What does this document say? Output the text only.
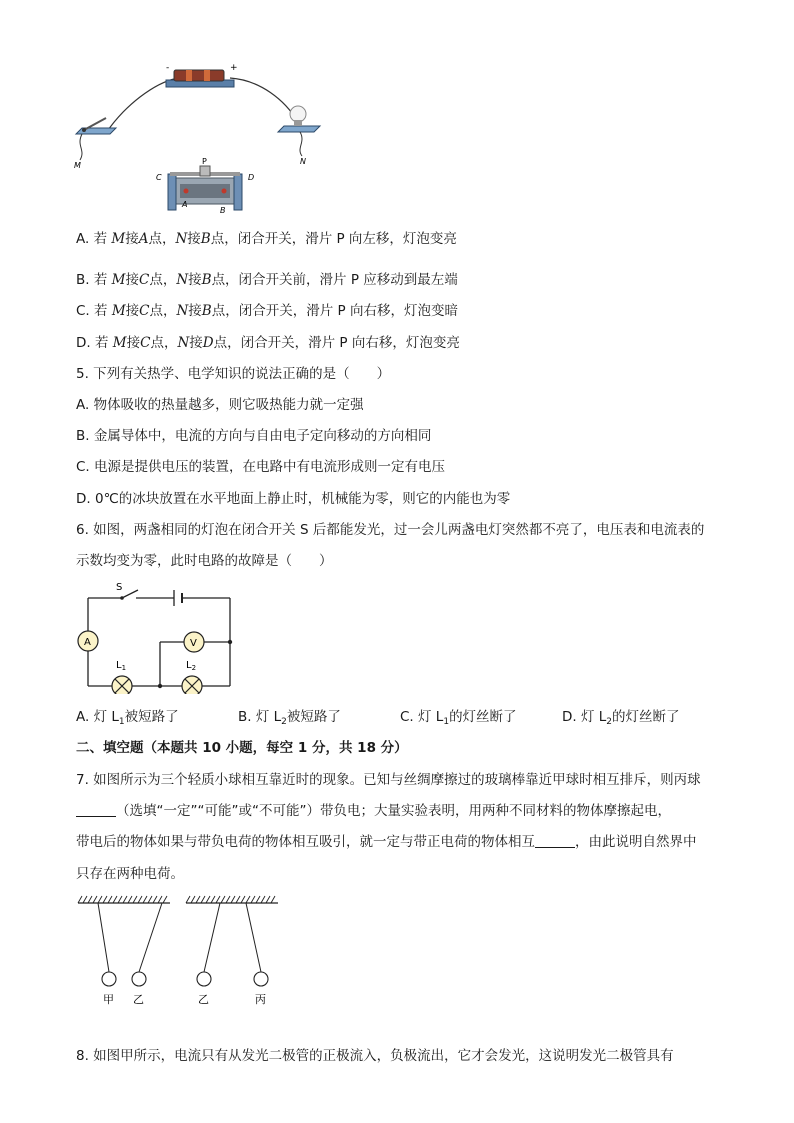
-	+
M	N
P
C	D
A
B
A. 若 M接A点，N接B点，闭合开关，滑片 P 向左移，灯泡变亮
B. 若 M接C点，N接B点，闭合开关前，滑片 P 应移动到最左端
C. 若 M接C点，N接B点，闭合开关，滑片 P 向右移，灯泡变暗
D. 若 M接C点，N接D点，闭合开关，滑片 P 向右移，灯泡变亮
5. 下列有关热学、电学知识的说法正确的是（　　）
A. 物体吸收的热量越多，则它吸热能力就一定强
B. 金属导体中，电流的方向与自由电子定向移动的方向相同
C. 电源是提供电压的装置，在电路中有电流形成则一定有电压
D. 0℃的冰块放置在水平地面上静止时，机械能为零，则它的内能也为零
6. 如图，两盏相同的灯泡在闭合开关 S 后都能发光，过一会儿两盏电灯突然都不亮了，电压表和电流表的
示数均变为零，此时电路的故障是（　　）
S
A	V
$L_1$	$L_2$
A. 灯 $L_1$被短路了	B. 灯 $L_2$被短路了	C. 灯 $L_1$的灯丝断了	D. 灯 $L_2$的灯丝断了
二、填空题（本题共 10 小题，每空 1 分，共 18 分）
7. 如图所示为三个轻质小球相互靠近时的现象。已知与丝绸摩擦过的玻璃棒靠近甲球时相互排斥，则丙球
（选填“一定”“可能”或“不可能”）带负电；大量实验表明，用两种不同材料的物体摩擦起电，
带电后的物体如果与带负电荷的物体相互吸引，就一定与带正电荷的物体相互	，由此说明自然界中
只存在两种电荷。
甲 乙	乙	丙
8. 如图甲所示，电流只有从发光二极管的正极流入，负极流出，它才会发光，这说明发光二极管具有
